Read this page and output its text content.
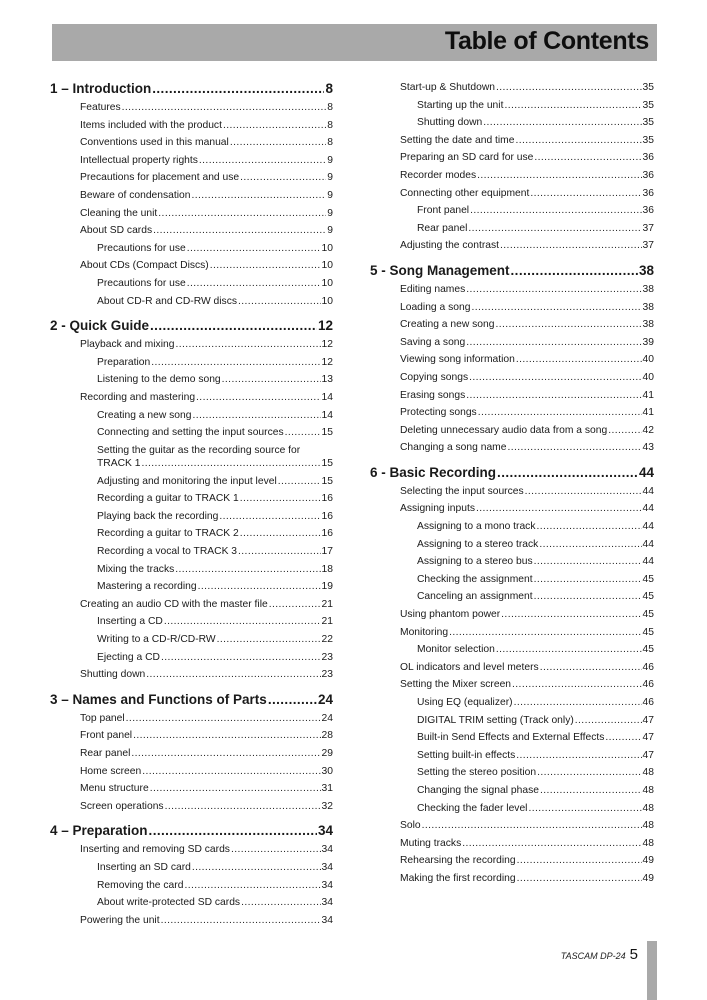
Table of Contents
1 – Introduction .....	8
Features .....	8
Items included with the product .....	8
Conventions used in this manual .....	8
Intellectual property rights .....	9
Precautions for placement and use .....	9
Beware of condensation .....	9
Cleaning the unit .....	9
About SD cards .....	9
Precautions for use .....	10
About CDs (Compact Discs) .....	10
Precautions for use .....	10
About CD-R and CD-RW discs .....	10
2 - Quick Guide .....	12
Playback and mixing .....	12
Preparation .....	12
Listening to the demo song .....	13
Recording and mastering .....	14
Creating a new song .....	14
Connecting and setting the input sources .....	15
Setting the guitar as the recording source for
TRACK 1 .....	15
Adjusting and monitoring the input level .....	15
Recording a guitar to TRACK 1 .....	16
Playing back the recording .....	16
Recording a guitar to TRACK 2 .....	16
Recording a vocal to TRACK 3 .....	17
Mixing the tracks .....	18
Mastering a recording .....	19
Creating an audio CD with the master file .....	21
Inserting a CD .....	21
Writing to a CD-R/CD-RW .....	22
Ejecting a CD .....	23
Shutting down .....	23
3 – Names and Functions of Parts .....	24
Top panel .....	24
Front panel .....	28
Rear panel .....	29
Home screen .....	30
Menu structure .....	31
Screen operations .....	32
4 – Preparation .....	34
Inserting and removing SD cards .....	34
Inserting an SD card .....	34
Removing the card .....	34
About write-protected SD cards .....	34
Powering the unit .....	34
Start-up & Shutdown .....	35
Starting up the unit .....	35
Shutting down .....	35
Setting the date and time .....	35
Preparing an SD card for use .....	36
Recorder modes .....	36
Connecting other equipment .....	36
Front panel .....	36
Rear panel .....	37
Adjusting the contrast .....	37
5 - Song Management .....	38
Editing names .....	38
Loading a song .....	38
Creating a new song .....	38
Saving a song .....	39
Viewing song information .....	40
Copying songs .....	40
Erasing songs .....	41
Protecting songs .....	41
Deleting unnecessary audio data from a song .....	42
Changing a song name .....	43
6 - Basic Recording .....	44
Selecting the input sources .....	44
Assigning inputs .....	44
Assigning to a mono track .....	44
Assigning to a stereo track .....	44
Assigning to a stereo bus .....	44
Checking the assignment .....	45
Canceling an assignment .....	45
Using phantom power .....	45
Monitoring .....	45
Monitor selection .....	45
OL indicators and level meters .....	46
Setting the Mixer screen .....	46
Using EQ (equalizer) .....	46
DIGITAL TRIM setting (Track only) .....	47
Built-in Send Effects and External Effects .....	47
Setting built-in effects .....	47
Setting the stereo position .....	48
Changing the signal phase .....	48
Checking the fader level .....	48
Solo .....	48
Muting tracks .....	48
Rehearsing the recording .....	49
Making the first recording .....	49
TASCAM DP-24 5
